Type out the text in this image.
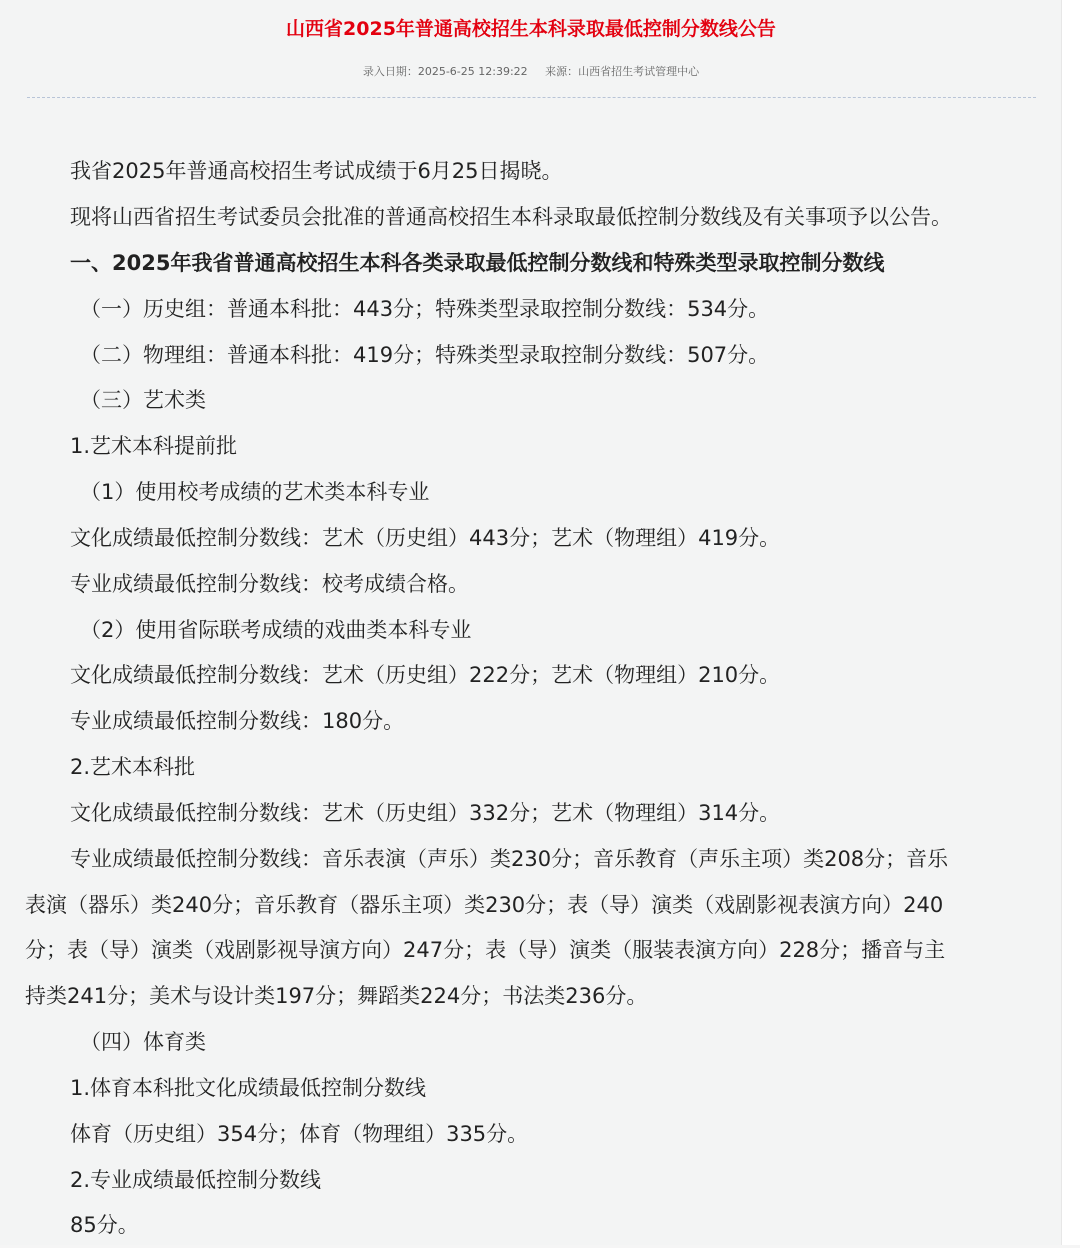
山西省2025年普通高校招生本科录取最低控制分数线公告
录入日期：2025-6-25 12:39:22 来源：山西省招生考试管理中心
我省2025年普通高校招生考试成绩于6月25日揭晓。
现将山西省招生考试委员会批准的普通高校招生本科录取最低控制分数线及有关事项予以公告。
一、2025年我省普通高校招生本科各类录取最低控制分数线和特殊类型录取控制分数线
（一）历史组：普通本科批：443分；特殊类型录取控制分数线：534分。
（二）物理组：普通本科批：419分；特殊类型录取控制分数线：507分。
（三）艺术类
1.艺术本科提前批
（1）使用校考成绩的艺术类本科专业
文化成绩最低控制分数线：艺术（历史组）443分；艺术（物理组）419分。
专业成绩最低控制分数线：校考成绩合格。
（2）使用省际联考成绩的戏曲类本科专业
文化成绩最低控制分数线：艺术（历史组）222分；艺术（物理组）210分。
专业成绩最低控制分数线：180分。
2.艺术本科批
文化成绩最低控制分数线：艺术（历史组）332分；艺术（物理组）314分。
专业成绩最低控制分数线：音乐表演（声乐）类230分；音乐教育（声乐主项）类208分；音乐
表演（器乐）类240分；音乐教育（器乐主项）类230分；表（导）演类（戏剧影视表演方向）240
分；表（导）演类（戏剧影视导演方向）247分；表（导）演类（服装表演方向）228分；播音与主
持类241分；美术与设计类197分；舞蹈类224分；书法类236分。
（四）体育类
1.体育本科批文化成绩最低控制分数线
体育（历史组）354分；体育（物理组）335分。
2.专业成绩最低控制分数线
85分。
